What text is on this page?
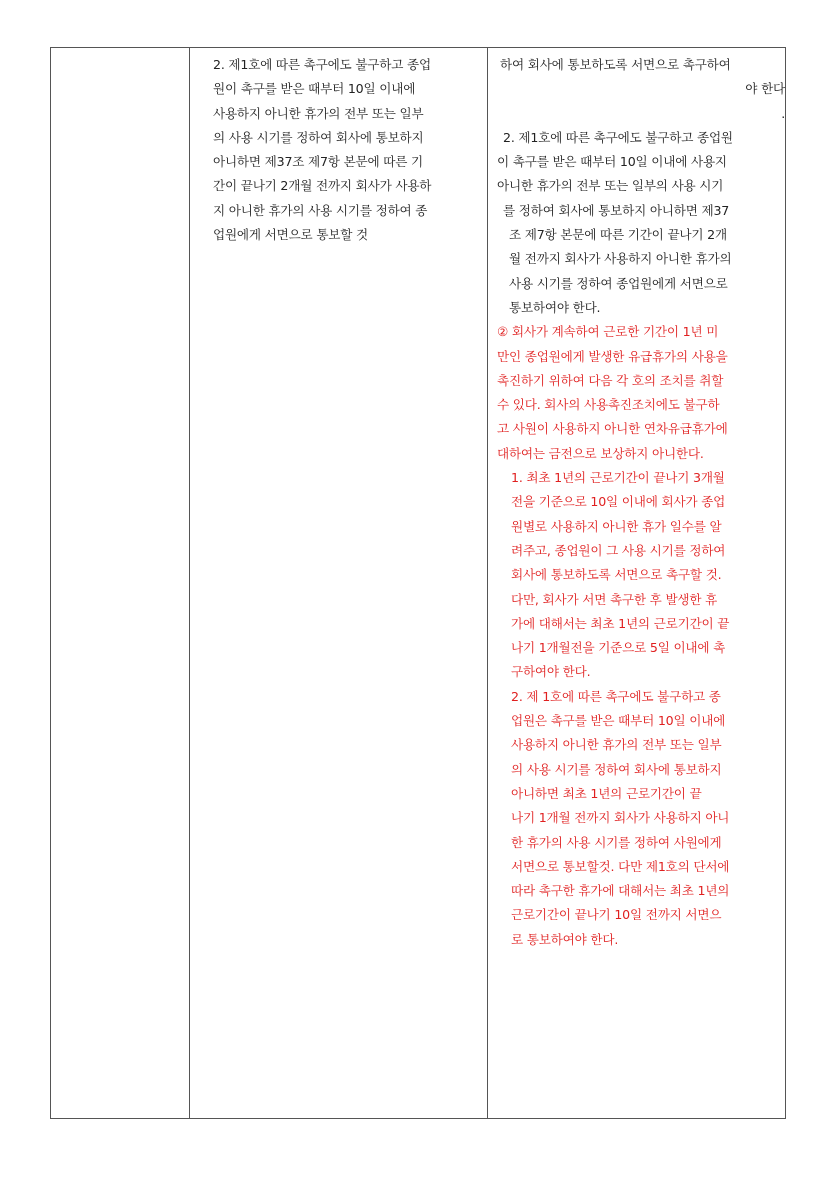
2. 제1호에 따른 촉구에도 불구하고 종업

원이 촉구를 받은 때부터 10일 이내에

사용하지 아니한 휴가의 전부 또는 일부

의 사용 시기를 정하여 회사에 통보하지

아니하면 제37조 제7항 본문에 따른 기

간이 끝나기 2개월 전까지 회사가 사용하

지 아니한 휴가의 사용 시기를 정하여 종

업원에게 서면으로 통보할 것

하여 회사에 통보하도록 서면으로 촉구하여

야 한다

.

2. 제1호에 따른 촉구에도 불구하고 종업원

이 촉구를 받은 때부터 10일 이내에 사용지

아니한 휴가의 전부 또는 일부의 사용 시기

를 정하여 회사에 통보하지 아니하면 제37

조 제7항 본문에 따른 기간이 끝나기 2개

월 전까지 회사가 사용하지 아니한 휴가의

사용 시기를 정하여 종업원에게 서면으로

통보하여야 한다.

② 회사가 계속하여 근로한 기간이 1년 미

만인 종업원에게 발생한 유급휴가의 사용을

촉진하기 위하여 다음 각 호의 조치를 취할

수 있다. 회사의 사용촉진조치에도 불구하

고 사원이 사용하지 아니한 연차유급휴가에

대하여는 금전으로 보상하지 아니한다.

1. 최초 1년의 근로기간이 끝나기 3개월

전을 기준으로 10일 이내에 회사가 종업

원별로 사용하지 아니한 휴가 일수를 알

려주고, 종업원이 그 사용 시기를 정하여

회사에 통보하도록 서면으로 촉구할 것.

다만, 회사가 서면 촉구한 후 발생한 휴

가에 대해서는 최초 1년의 근로기간이 끝

나기 1개월전을 기준으로 5일 이내에 촉

구하여야 한다.

2. 제 1호에 따른 촉구에도 불구하고 종

업원은 촉구를 받은 때부터 10일 이내에

사용하지 아니한 휴가의 전부 또는 일부

의 사용 시기를 정하여 회사에 통보하지

아니하면 최초 1년의 근로기간이 끝

나기 1개월 전까지 회사가 사용하지 아니

한 휴가의 사용 시기를 정하여 사원에게

서면으로 통보할것. 다만 제1호의 단서에

따라 촉구한 휴가에 대해서는 최초 1년의

근로기간이 끝나기 10일 전까지 서면으

로 통보하여야 한다.
